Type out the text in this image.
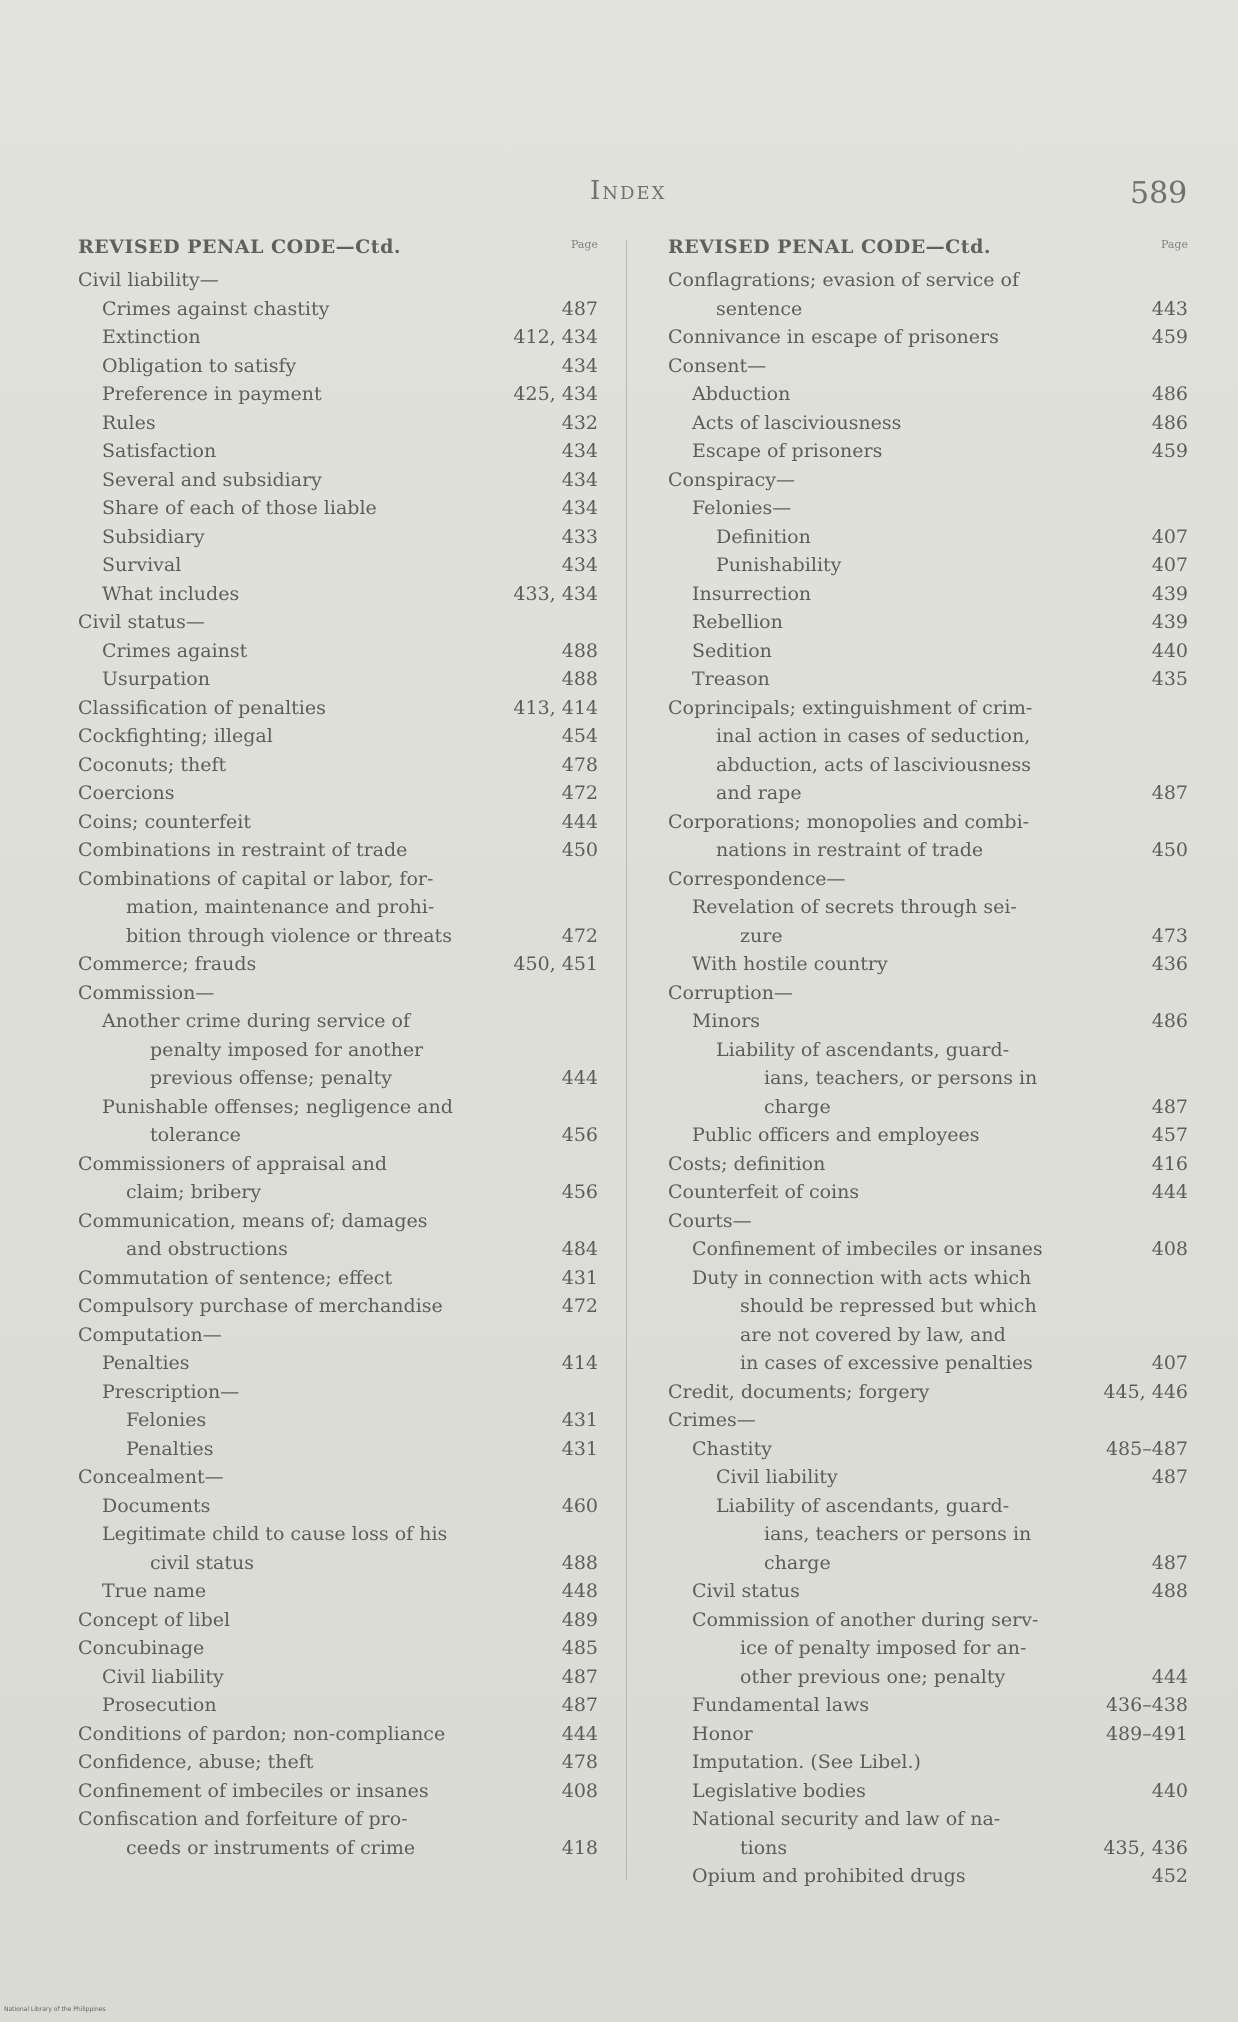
Index	589
REVISED PENAL CODE—Ctd.	Page
Civil liability—
Crimes against chastity	487
Extinction	412, 434
Obligation to satisfy	434
Preference in payment	425, 434
Rules	432
Satisfaction	434
Several and subsidiary	434
Share of each of those liable	434
Subsidiary	433
Survival	434
What includes	433, 434
Civil status—
Crimes against	488
Usurpation	488
Classification of penalties	413, 414
Cockfighting; illegal	454
Coconuts; theft	478
Coercions	472
Coins; counterfeit	444
Combinations in restraint of trade	450
Combinations of capital or labor, for-
mation, maintenance and prohi-
bition through violence or threats	472
Commerce; frauds	450, 451
Commission—
Another crime during service of
penalty imposed for another
previous offense; penalty	444
Punishable offenses; negligence and
tolerance	456
Commissioners of appraisal and
claim; bribery	456
Communication, means of; damages
and obstructions	484
Commutation of sentence; effect	431
Compulsory purchase of merchandise	472
Computation—
Penalties	414
Prescription—
Felonies	431
Penalties	431
Concealment—
Documents	460
Legitimate child to cause loss of his
civil status	488
True name	448
Concept of libel	489
Concubinage	485
Civil liability	487
Prosecution	487
Conditions of pardon; non-compliance	444
Confidence, abuse; theft	478
Confinement of imbeciles or insanes	408
Confiscation and forfeiture of pro-
ceeds or instruments of crime	418
REVISED PENAL CODE—Ctd.	Page
Conflagrations; evasion of service of
sentence	443
Connivance in escape of prisoners	459
Consent—
Abduction	486
Acts of lasciviousness	486
Escape of prisoners	459
Conspiracy—
Felonies—
Definition	407
Punishability	407
Insurrection	439
Rebellion	439
Sedition	440
Treason	435
Coprincipals; extinguishment of crim-
inal action in cases of seduction,
abduction, acts of lasciviousness
and rape	487
Corporations; monopolies and combi-
nations in restraint of trade	450
Correspondence—
Revelation of secrets through sei-
zure	473
With hostile country	436
Corruption—
Minors	486
Liability of ascendants, guard-
ians, teachers, or persons in
charge	487
Public officers and employees	457
Costs; definition	416
Counterfeit of coins	444
Courts—
Confinement of imbeciles or insanes	408
Duty in connection with acts which
should be repressed but which
are not covered by law, and
in cases of excessive penalties	407
Credit, documents; forgery	445, 446
Crimes—
Chastity	485–487
Civil liability	487
Liability of ascendants, guard-
ians, teachers or persons in
charge	487
Civil status	488
Commission of another during serv-
ice of penalty imposed for an-
other previous one; penalty	444
Fundamental laws	436–438
Honor	489–491
Imputation. (See Libel.)
Legislative bodies	440
National security and law of na-
tions	435, 436
Opium and prohibited drugs	452
National Library of the Philippines
